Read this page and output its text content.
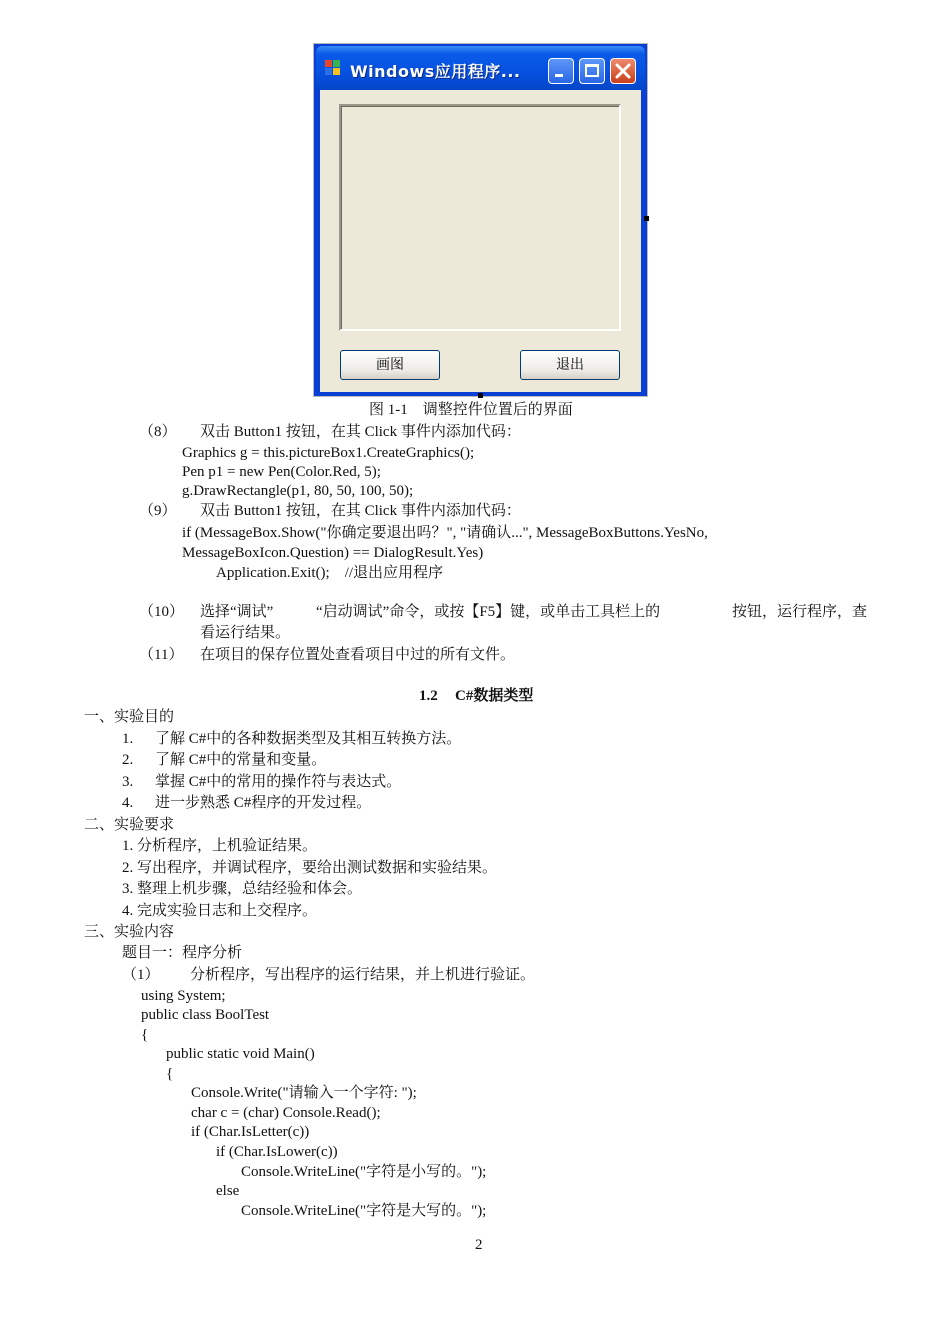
Windows应用程序...
画图	退出
图 1-1　调整控件位置后的界面
（8） 双击 Button1 按钮，在其 Click 事件内添加代码：
Graphics g = this.pictureBox1.CreateGraphics();
Pen p1 = new Pen(Color.Red, 5);
g.DrawRectangle(p1, 80, 50, 100, 50);
（9） 双击 Button1 按钮，在其 Click 事件内添加代码：
if (MessageBox.Show("你确定要退出吗？", "请确认...", MessageBoxButtons.YesNo,
MessageBoxIcon.Question) == DialogResult.Yes)
Application.Exit();　//退出应用程序
（10） 选择“调试”	“启动调试”命令，或按【F5】键，或单击工具栏上的	按钮，运行程序，查
看运行结果。
（11） 在项目的保存位置处查看项目中过的所有文件。
1.2 C#数据类型
一、实验目的
1. 了解 C#中的各种数据类型及其相互转换方法。
2. 了解 C#中的常量和变量。
3. 掌握 C#中的常用的操作符与表达式。
4. 进一步熟悉 C#程序的开发过程。
二、实验要求
1. 分析程序，上机验证结果。
2. 写出程序，并调试程序，要给出测试数据和实验结果。
3. 整理上机步骤，总结经验和体会。
4. 完成实验日志和上交程序。
三、实验内容
题目一：程序分析
（1） 分析程序，写出程序的运行结果，并上机进行验证。
using System;
public class BoolTest
{
public static void Main()
{
Console.Write("请输入一个字符: ");
char c = (char) Console.Read();
if (Char.IsLetter(c))
if (Char.IsLower(c))
Console.WriteLine("字符是小写的。");
else
Console.WriteLine("字符是大写的。");
2
